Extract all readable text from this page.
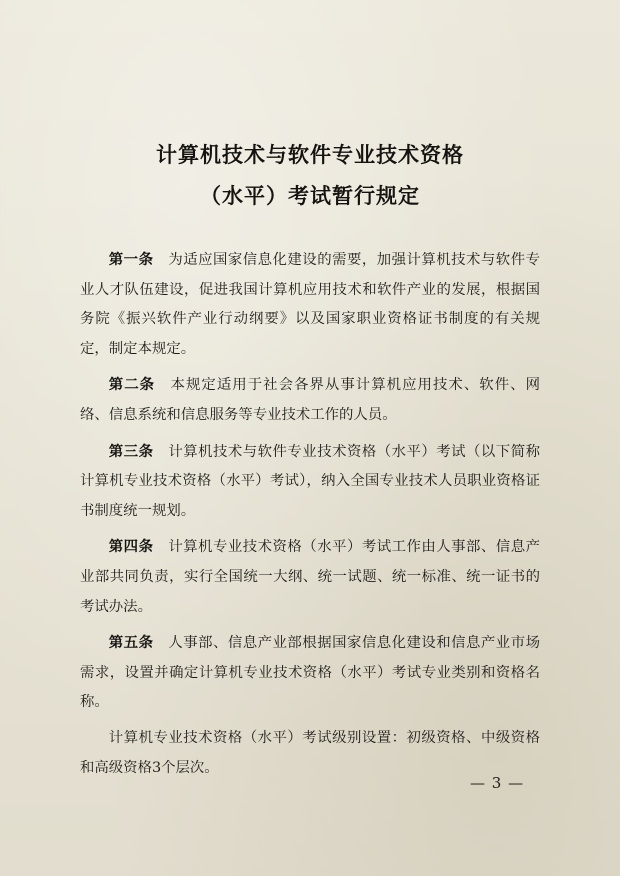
计算机技术与软件专业技术资格
（水平）考试暂行规定

第一条　 为适应国家信息化建设的需要，加强计算机技术与软件专业人才队伍建设，促进我国计算机应用技术和软件产业的发展，根据国务院《振兴软件产业行动纲要》以及国家职业资格证书制度的有关规定，制定本规定。

第二条　 本规定适用于社会各界从事计算机应用技术、软件、网络、信息系统和信息服务等专业技术工作的人员。

第三条　 计算机技术与软件专业技术资格（水平）考试（以下简称计算机专业技术资格（水平）考试），纳入全国专业技术人员职业资格证书制度统一规划。

第四条　 计算机专业技术资格（水平）考试工作由人事部、信息产业部共同负责，实行全国统一大纲、统一试题、统一标准、统一证书的考试办法。

第五条　 人事部、信息产业部根据国家信息化建设和信息产业市场需求，设置并确定计算机专业技术资格（水平）考试专业类别和资格名称。

计算机专业技术资格（水平）考试级别设置：初级资格、中级资格和高级资格3个层次。

— 3 —
